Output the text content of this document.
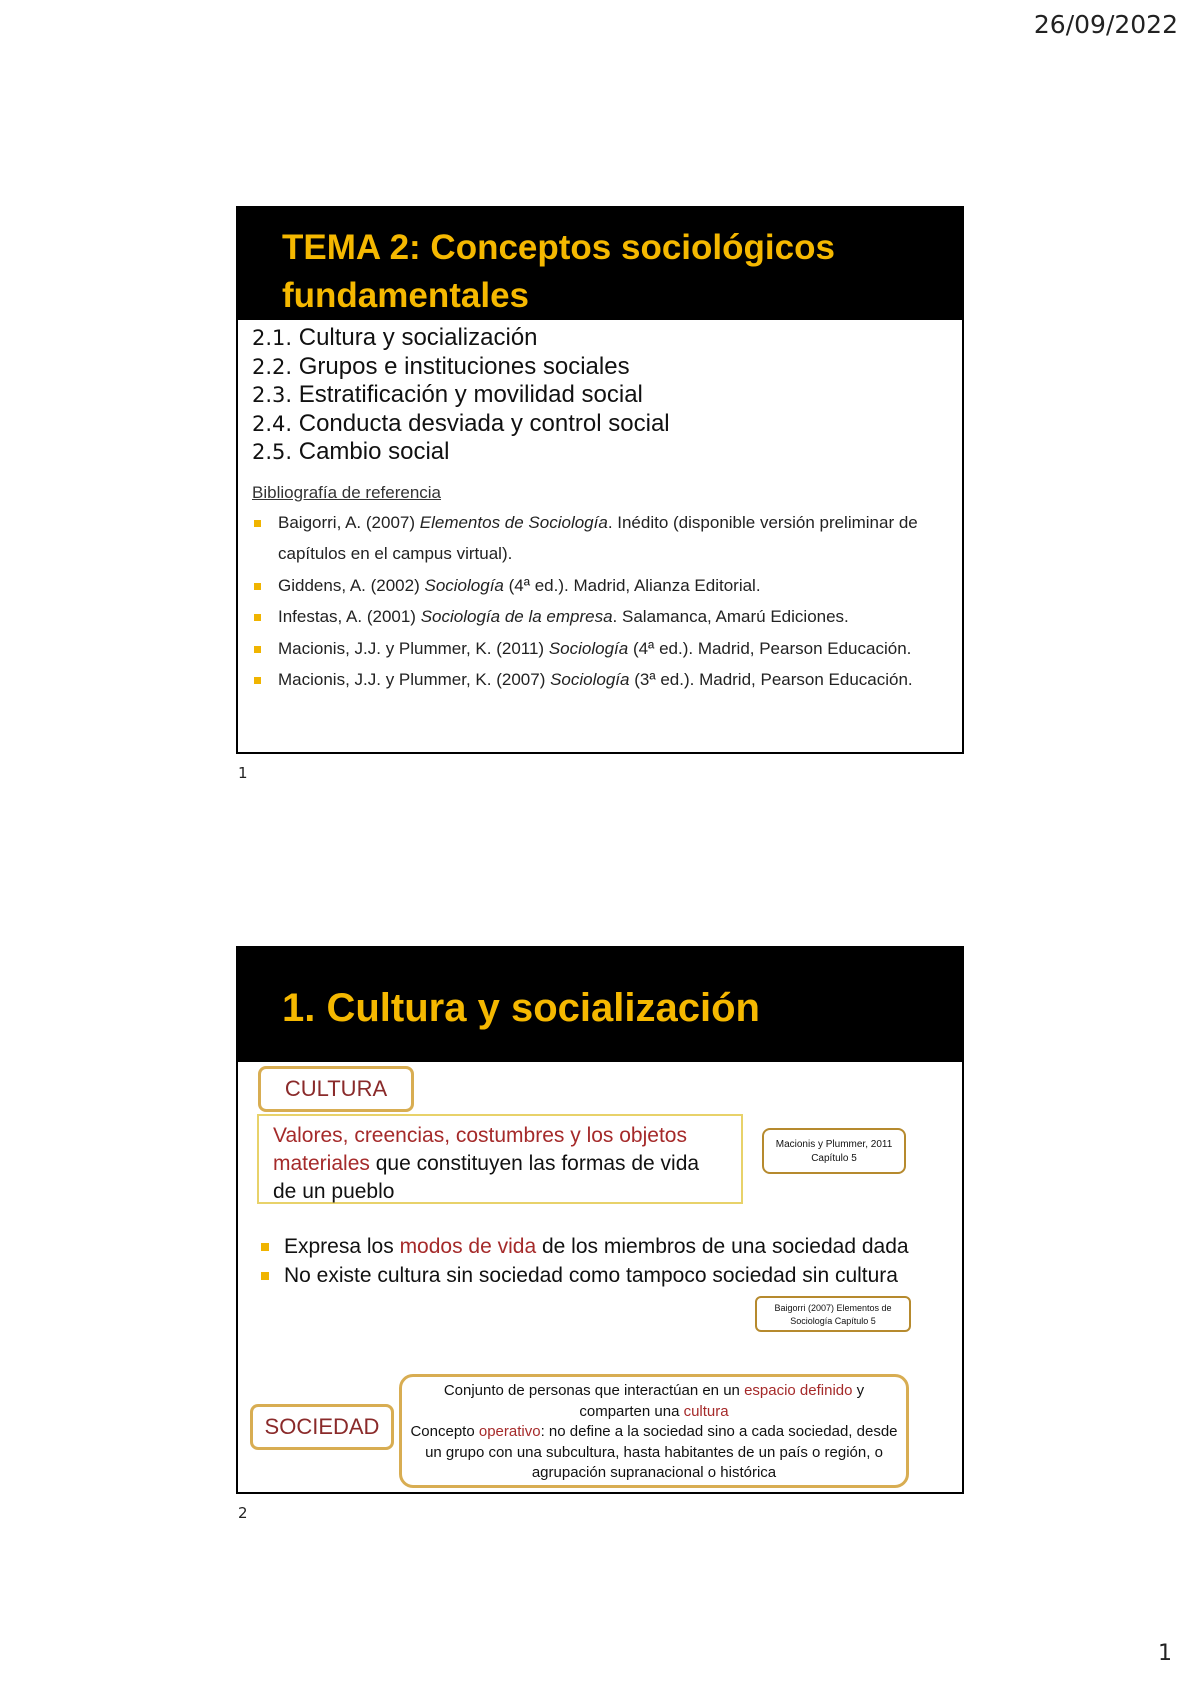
26/09/2022
TEMA 2: Conceptos sociológicos fundamentales
2.1. Cultura y socialización
2.2. Grupos e instituciones sociales
2.3. Estratificación y movilidad social
2.4. Conducta desviada y control social
2.5. Cambio social
Bibliografía de referencia
Baigorri, A. (2007) Elementos de Sociología. Inédito (disponible versión preliminar de capítulos en el campus virtual).
Giddens, A. (2002) Sociología (4ª ed.). Madrid, Alianza Editorial.
Infestas, A. (2001) Sociología de la empresa. Salamanca, Amarú Ediciones.
Macionis, J.J. y Plummer, K. (2011) Sociología (4ª ed.). Madrid, Pearson Educación.
Macionis, J.J. y Plummer, K. (2007) Sociología (3ª ed.). Madrid, Pearson Educación.
1
1. Cultura y socialización
CULTURA
Valores, creencias, costumbres y los objetos materiales que constituyen las formas de vida de un pueblo
Macionis y Plummer, 2011
Capítulo 5
Expresa los modos de vida de los miembros de una sociedad dada
No existe cultura sin sociedad como tampoco sociedad sin cultura
Baigorri (2007) Elementos de
Sociología Capítulo 5
SOCIEDAD
Conjunto de personas que interactúan en un espacio definido y comparten una cultura
Concepto operativo: no define a la sociedad sino a cada sociedad, desde un grupo con una subcultura, hasta habitantes de un país o región, o agrupación supranacional o histórica
2
1
